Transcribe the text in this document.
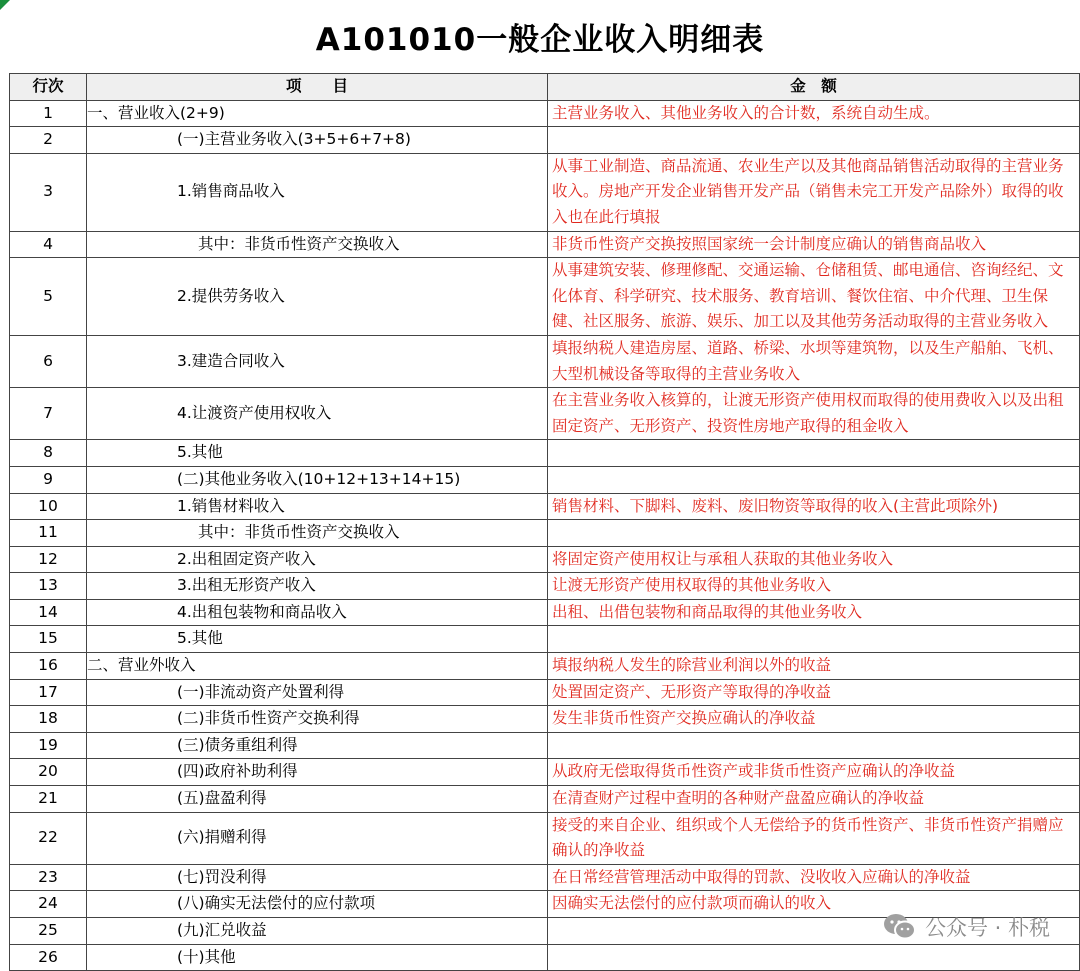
A101010一般企业收入明细表
行次	项　　目	金　额
1	一、营业收入(2+9)	主营业务收入、其他业务收入的合计数，系统自动生成。
2	(一)主营业务收入(3+5+6+7+8)	
3	1.销售商品收入	从事工业制造、商品流通、农业生产以及其他商品销售活动取得的主营业务收入。房地产开发企业销售开发产品（销售未完工开发产品除外）取得的收入也在此行填报
4	其中：非货币性资产交换收入	非货币性资产交换按照国家统一会计制度应确认的销售商品收入
5	2.提供劳务收入	从事建筑安装、修理修配、交通运输、仓储租赁、邮电通信、咨询经纪、文化体育、科学研究、技术服务、教育培训、餐饮住宿、中介代理、卫生保健、社区服务、旅游、娱乐、加工以及其他劳务活动取得的主营业务收入
6	3.建造合同收入	填报纳税人建造房屋、道路、桥梁、水坝等建筑物，以及生产船舶、飞机、大型机械设备等取得的主营业务收入
7	4.让渡资产使用权收入	在主营业务收入核算的，让渡无形资产使用权而取得的使用费收入以及出租固定资产、无形资产、投资性房地产取得的租金收入
8	5.其他	
9	(二)其他业务收入(10+12+13+14+15)	
10	1.销售材料收入	销售材料、下脚料、废料、废旧物资等取得的收入(主营此项除外)
11	其中：非货币性资产交换收入	
12	2.出租固定资产收入	将固定资产使用权让与承租人获取的其他业务收入
13	3.出租无形资产收入	让渡无形资产使用权取得的其他业务收入
14	4.出租包装物和商品收入	出租、出借包装物和商品取得的其他业务收入
15	5.其他	
16	二、营业外收入	填报纳税人发生的除营业利润以外的收益
17	(一)非流动资产处置利得	处置固定资产、无形资产等取得的净收益
18	(二)非货币性资产交换利得	发生非货币性资产交换应确认的净收益
19	(三)债务重组利得	
20	(四)政府补助利得	从政府无偿取得货币性资产或非货币性资产应确认的净收益
21	(五)盘盈利得	在清查财产过程中查明的各种财产盘盈应确认的净收益
22	(六)捐赠利得	接受的来自企业、组织或个人无偿给予的货币性资产、非货币性资产捐赠应确认的净收益
23	(七)罚没利得	在日常经营管理活动中取得的罚款、没收收入应确认的净收益
24	(八)确实无法偿付的应付款项	因确实无法偿付的应付款项而确认的收入
25	(九)汇兑收益	
26	(十)其他	
公众号 · 朴税
